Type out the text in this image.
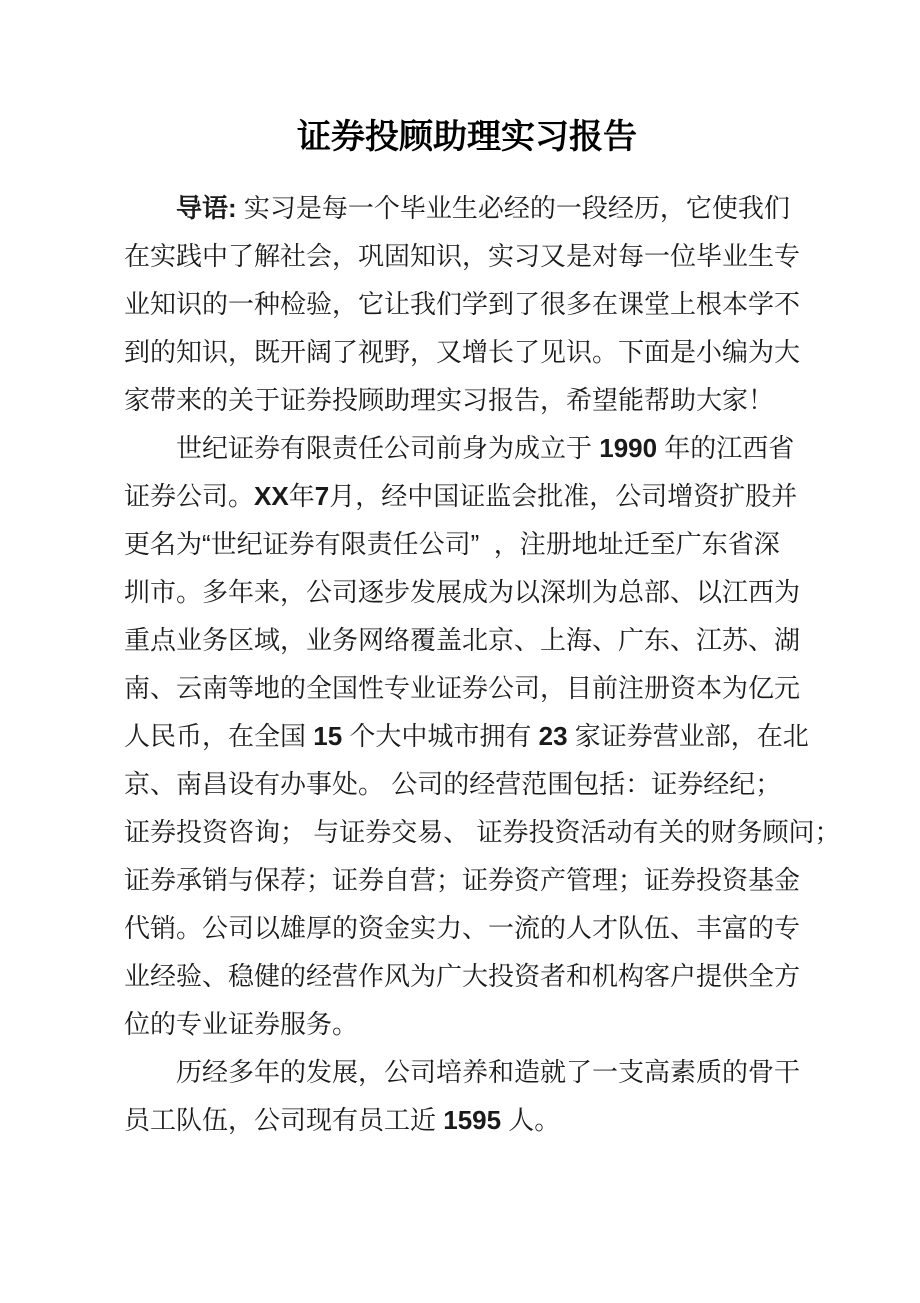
证券投顾助理实习报告
导语: 实习是每一个毕业生必经的一段经历，它使我们
在实践中了解社会，巩固知识，实习又是对每一位毕业生专
业知识的一种检验，它让我们学到了很多在课堂上根本学不
到的知识，既开阔了视野，又增长了见识。下面是小编为大
家带来的关于证券投顾助理实习报告，希望能帮助大家！
世纪证券有限责任公司前身为成立于 1990 年的江西省
证券公司。XX年7月，经中国证监会批准，公司增资扩股并
更名为“世纪证券有限责任公司”  ，注册地址迁至广东省深
圳市。多年来，公司逐步发展成为以深圳为总部、以江西为
重点业务区域，业务网络覆盖北京、上海、广东、江苏、湖
南、云南等地的全国性专业证券公司，目前注册资本为亿元
人民币，在全国 15 个大中城市拥有 23 家证券营业部，在北
京、南昌设有办事处。 公司的经营范围包括：证券经纪；
证券投资咨询； 与证券交易、 证券投资活动有关的财务顾问；
证券承销与保荐；证券自营；证券资产管理；证券投资基金
代销。公司以雄厚的资金实力、一流的人才队伍、丰富的专
业经验、稳健的经营作风为广大投资者和机构客户提供全方
位的专业证券服务。
历经多年的发展，公司培养和造就了一支高素质的骨干
员工队伍，公司现有员工近 1595 人。
